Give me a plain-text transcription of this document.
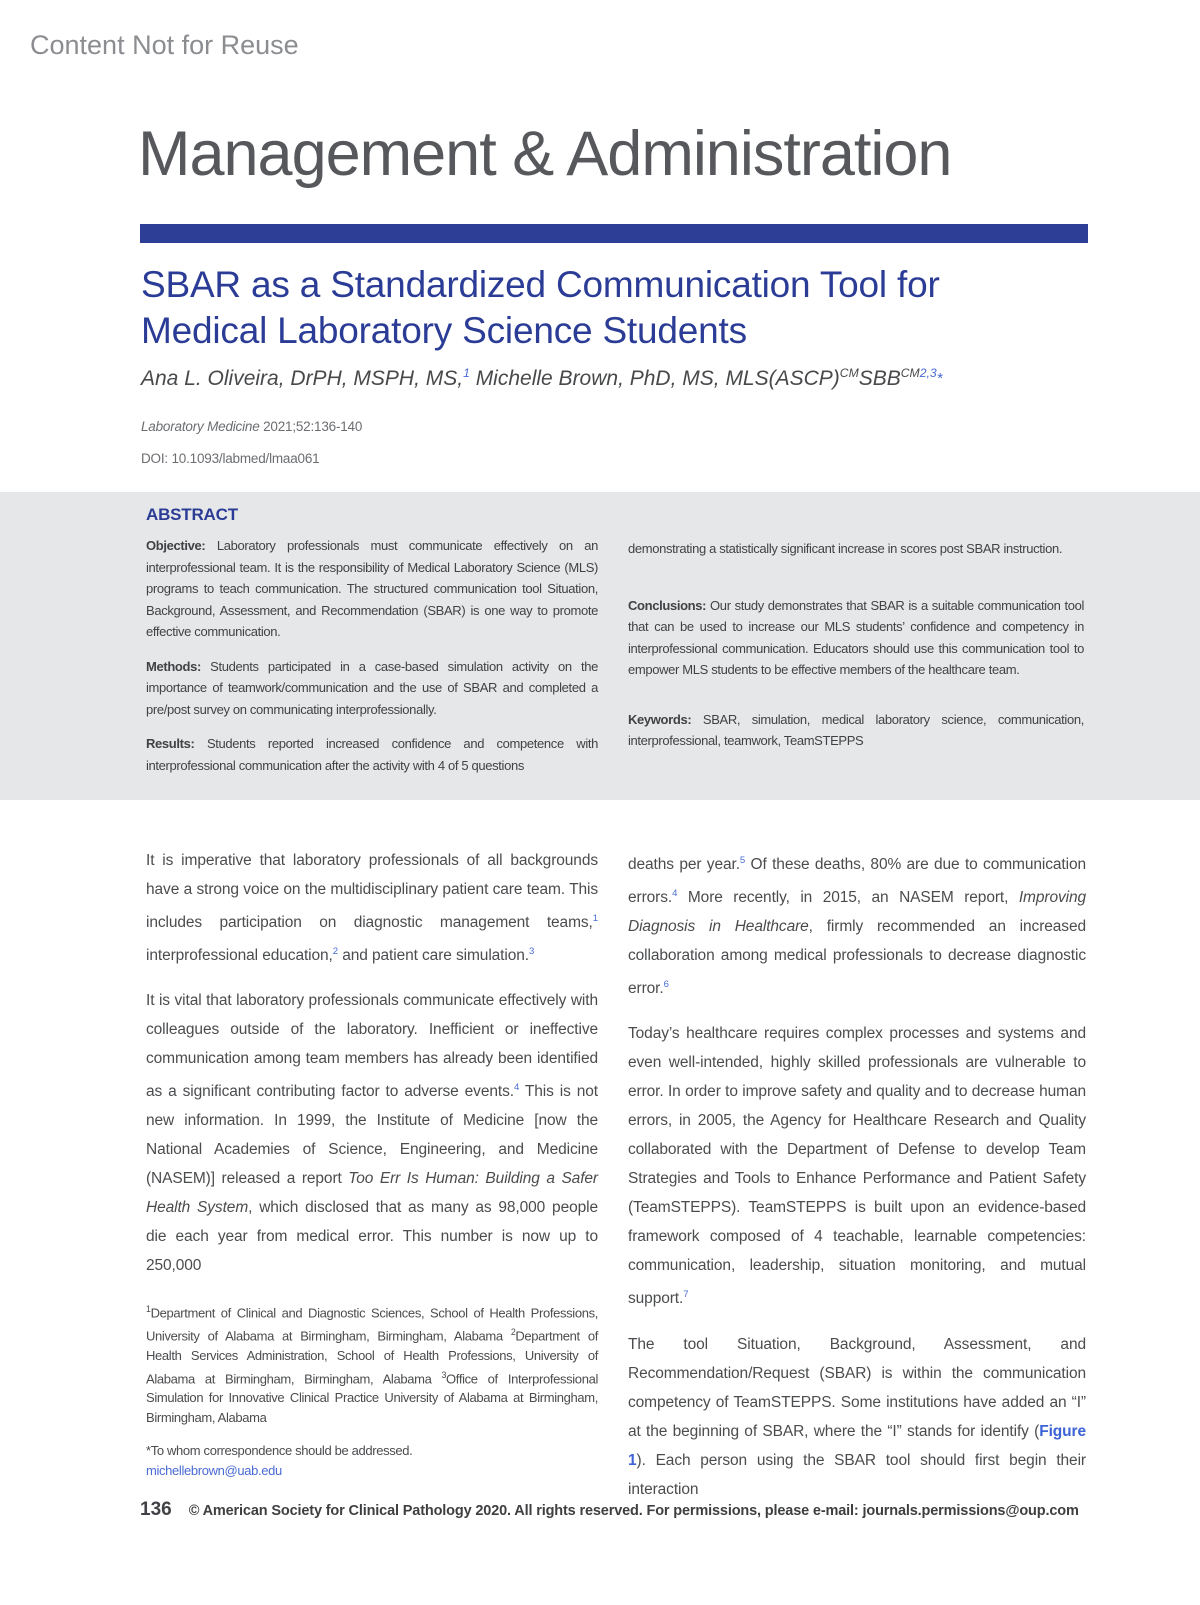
Content Not for Reuse
Management & Administration
SBAR as a Standardized Communication Tool for
Medical Laboratory Science Students
Ana L. Oliveira, DrPH, MSPH, MS,$^1$ Michelle Brown, PhD, MS, $MLS(ASCP)^{CM}SBB^{CM2,3}*$
Laboratory Medicine 2021;52:136-140
DOI: 10.1093/labmed/lmaa061
ABSTRACT

Objective: Laboratory professionals must communicate effectively on an interprofessional team. It is the responsibility of Medical Laboratory Science (MLS) programs to teach communication. The structured communication tool Situation, Background, Assessment, and Recommendation (SBAR) is one way to promote effective communication.

Methods: Students participated in a case-based simulation activity on the importance of teamwork/communication and the use of SBAR and completed a pre/post survey on communicating interprofessionally.

Results: Students reported increased confidence and competence with interprofessional communication after the activity with 4 of 5 questions

demonstrating a statistically significant increase in scores post SBAR instruction.

Conclusions: Our study demonstrates that SBAR is a suitable communication tool that can be used to increase our MLS students’ confidence and competency in interprofessional communication. Educators should use this communication tool to empower MLS students to be effective members of the healthcare team.

Keywords: SBAR, simulation, medical laboratory science, communication, interprofessional, teamwork, TeamSTEPPS

It is imperative that laboratory professionals of all backgrounds have a strong voice on the multidisciplinary patient care team. This includes participation on diagnostic management teams,$^1$ interprofessional education,$^2$ and patient care simulation.$^3$

It is vital that laboratory professionals communicate effectively with colleagues outside of the laboratory. Inefficient or ineffective communication among team members has already been identified as a significant contributing factor to adverse events.$^4$ This is not new information. In 1999, the Institute of Medicine [now the National Academies of Science, Engineering, and Medicine (NASEM)] released a report Too Err Is Human: Building a Safer Health System, which disclosed that as many as 98,000 people die each year from medical error. This number is now up to 250,000

$^1$Department of Clinical and Diagnostic Sciences, School of Health Professions, University of Alabama at Birmingham, Birmingham, Alabama $^2$Department of Health Services Administration, School of Health Professions, University of Alabama at Birmingham, Birmingham, Alabama $^3$Office of Interprofessional Simulation for Innovative Clinical Practice University of Alabama at Birmingham, Birmingham, Alabama
*To whom correspondence should be addressed.
michellebrown@uab.edu

deaths per year.$^5$ Of these deaths, 80% are due to communication errors.$^4$ More recently, in 2015, an NASEM report, Improving Diagnosis in Healthcare, firmly recommended an increased collaboration among medical professionals to decrease diagnostic error.$^6$

Today’s healthcare requires complex processes and systems and even well-intended, highly skilled professionals are vulnerable to error. In order to improve safety and quality and to decrease human errors, in 2005, the Agency for Healthcare Research and Quality collaborated with the Department of Defense to develop Team Strategies and Tools to Enhance Performance and Patient Safety (TeamSTEPPS). TeamSTEPPS is built upon an evidence-based framework composed of 4 teachable, learnable competencies: communication, leadership, situation monitoring, and mutual support.$^7$

The tool Situation, Background, Assessment, and Recommendation/Request (SBAR) is within the communication competency of TeamSTEPPS. Some institutions have added an “I” at the beginning of SBAR, where the “I” stands for identify (Figure 1). Each person using the SBAR tool should first begin their interaction

136 © American Society for Clinical Pathology 2020. All rights reserved. For permissions, please e-mail: journals.permissions@oup.com
